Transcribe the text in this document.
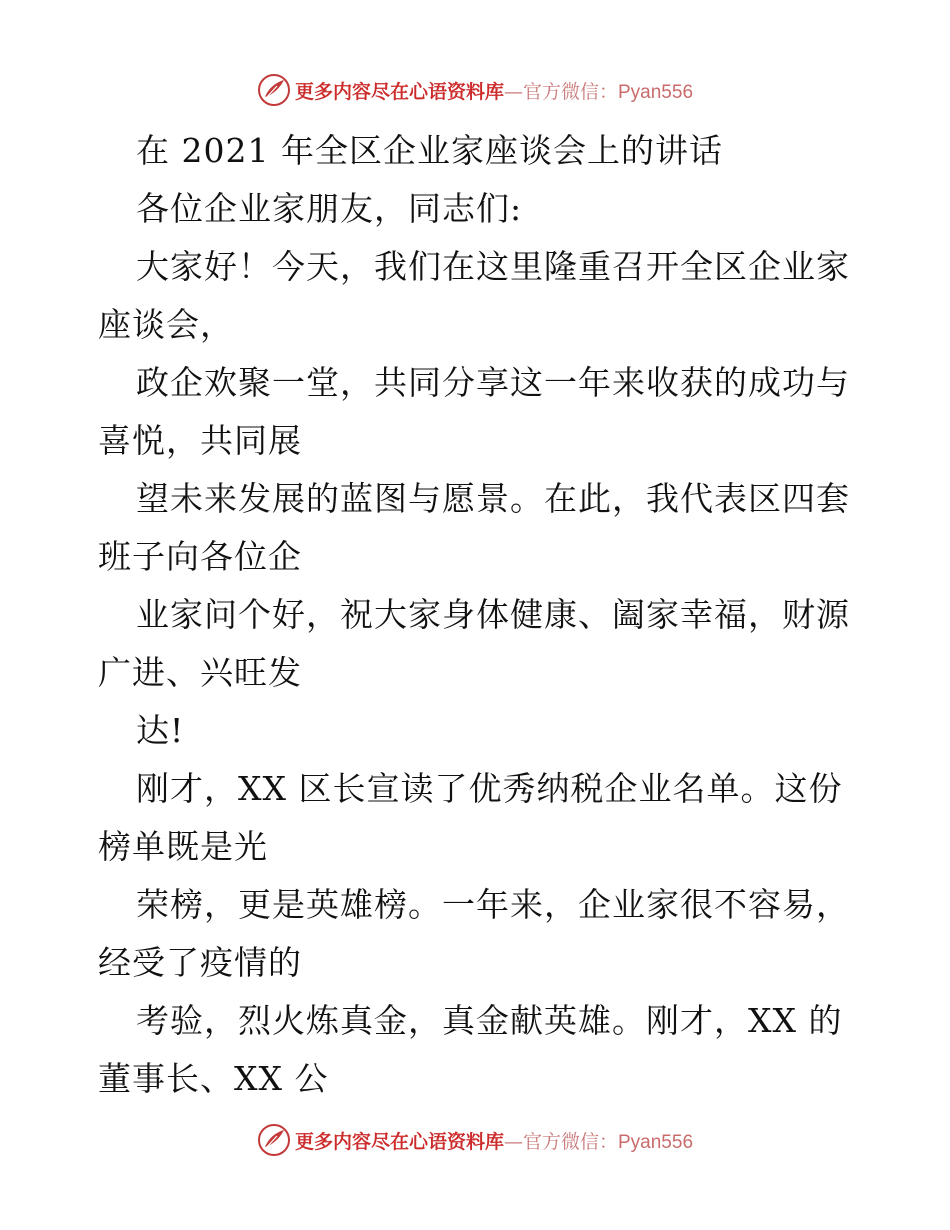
更多内容尽在心语资料库—官方微信：Pyan556
在 2021 年全区企业家座谈会上的讲话
各位企业家朋友，同志们:
大家好！今天，我们在这里隆重召开全区企业家
座谈会，
政企欢聚一堂，共同分享这一年来收获的成功与
喜悦，共同展
望未来发展的蓝图与愿景。在此，我代表区四套
班子向各位企
业家问个好，祝大家身体健康、阖家幸福，财源
广进、兴旺发
达!
刚才，XX 区长宣读了优秀纳税企业名单。这份
榜单既是光
荣榜，更是英雄榜。一年来，企业家很不容易，
经受了疫情的
考验，烈火炼真金，真金献英雄。刚才，XX 的
董事长、XX 公
更多内容尽在心语资料库—官方微信：Pyan556
